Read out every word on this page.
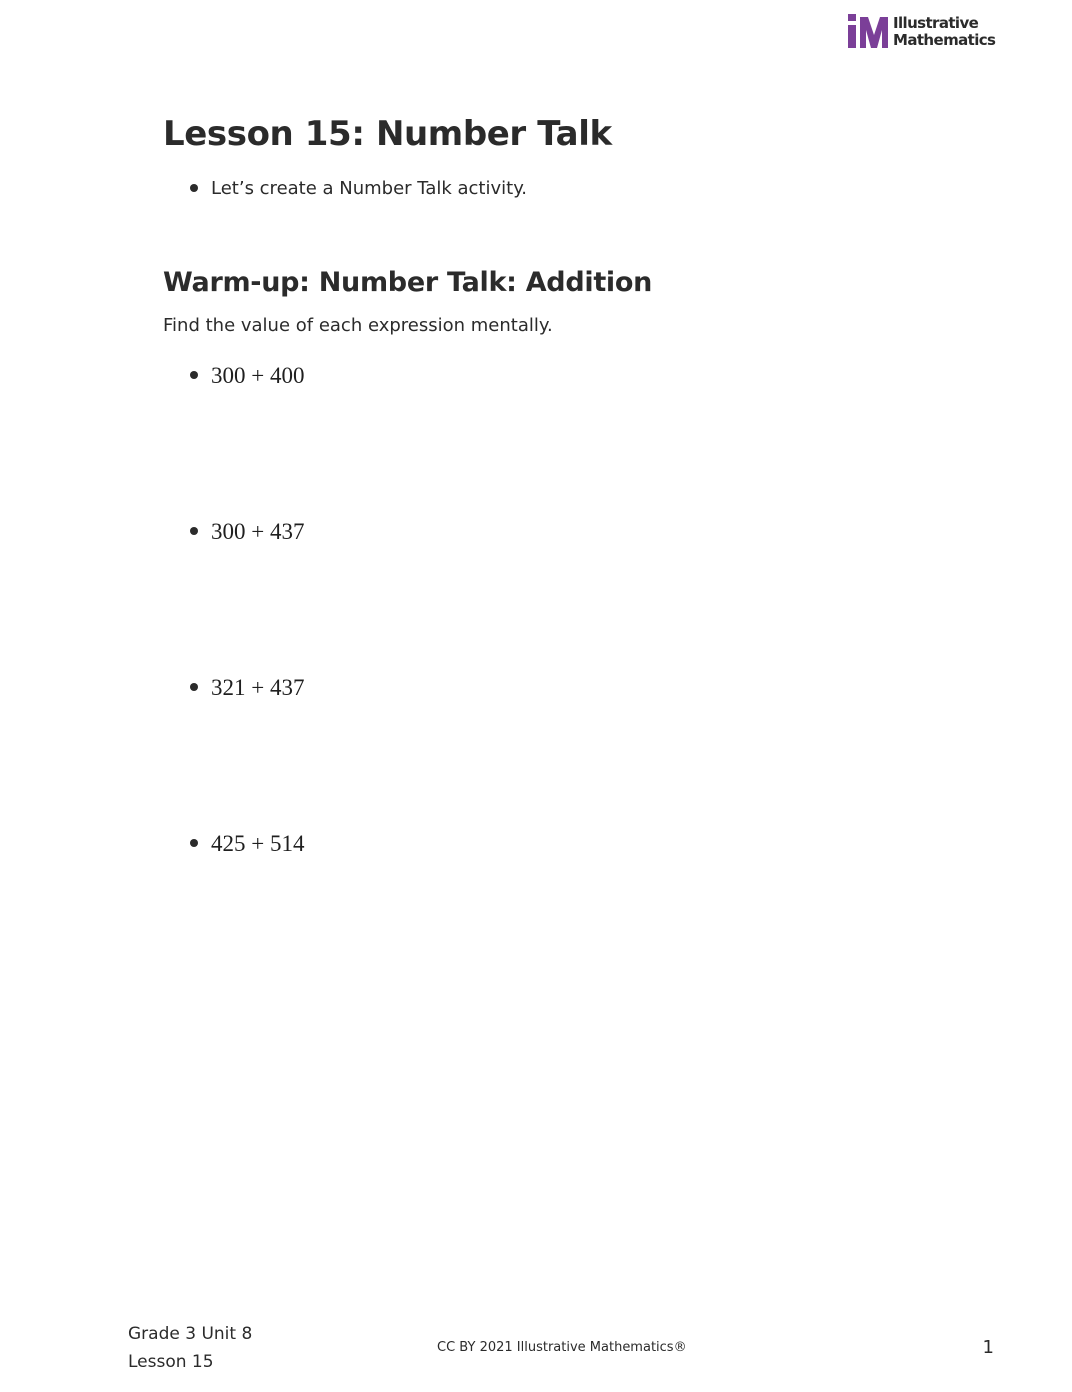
Illustrative
Mathematics
Lesson 15: Number Talk
Let’s create a Number Talk activity.
Warm-up: Number Talk: Addition

Find the value of each expression mentally.

300 + 400
300 + 437
321 + 437
425 + 514
Grade 3 Unit 8
Lesson 15
CC BY 2021 Illustrative Mathematics®	1
